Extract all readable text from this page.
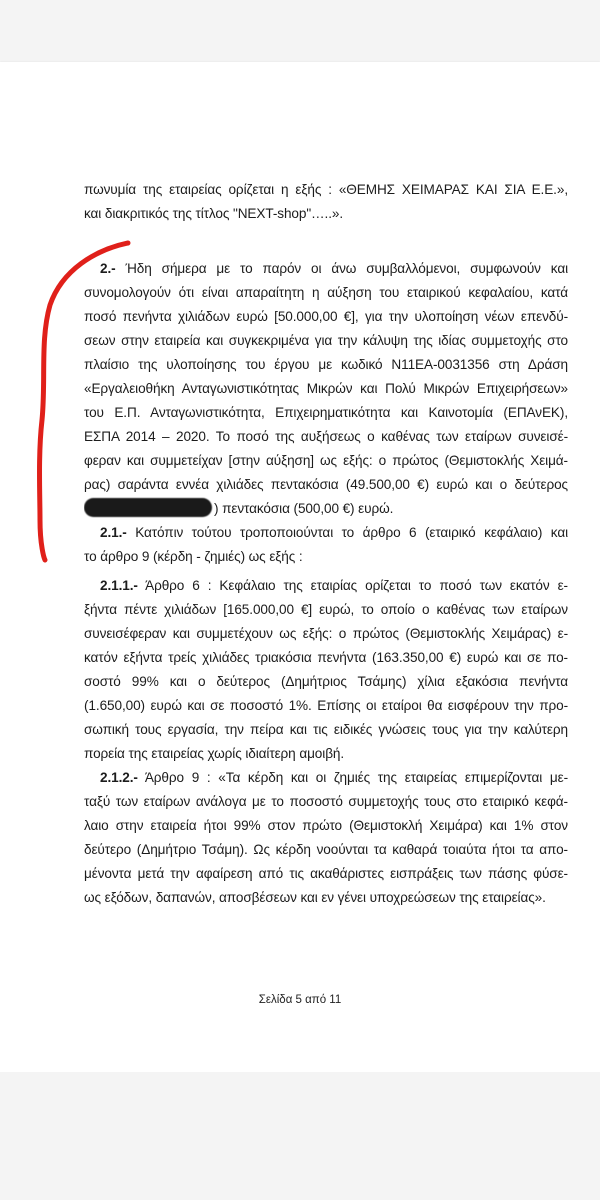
πωνυμία της εταιρείας ορίζεται η εξής : «ΘΕΜΗΣ ΧΕΙΜΑΡΑΣ ΚΑΙ ΣΙΑ Ε.Ε.»,

και διακριτικός της τίτλος "NEXT-shop"…..».

2.- Ήδη σήμερα με το παρόν οι άνω συμβαλλόμενοι, συμφωνούν και

συνομολογούν ότι είναι απαραίτητη η αύξηση του εταιρικού κεφαλαίου, κατά

ποσό πενήντα χιλιάδων ευρώ [50.000,00 €], για την υλοποίηση νέων επενδύ-

σεων στην εταιρεία και συγκεκριμένα για την κάλυψη της ιδίας συμμετοχής στο

πλαίσιο της υλοποίησης του έργου με κωδικό Ν11ΕΑ-0031356 στη Δράση

«Εργαλειοθήκη Ανταγωνιστικότητας Μικρών και Πολύ Μικρών Επιχειρήσεων»

του Ε.Π. Ανταγωνιστικότητα, Επιχειρηματικότητα και Καινοτομία (ΕΠΑνΕΚ),

ΕΣΠΑ 2014 – 2020. Το ποσό της αυξήσεως ο καθένας των εταίρων συνεισέ-

φεραν και συμμετείχαν [στην αύξηση] ως εξής: ο πρώτος (Θεμιστοκλής Χειμά-

ρας) σαράντα εννέα χιλιάδες πεντακόσια (49.500,00 €) ευρώ και ο δεύτερος

) πεντακόσια (500,00 €) ευρώ.

2.1.- Κατόπιν τούτου τροποποιούνται το άρθρο 6 (εταιρικό κεφάλαιο) και

το άρθρο 9 (κέρδη - ζημιές) ως εξής :

2.1.1.- Άρθρο 6 : Κεφάλαιο της εταιρίας ορίζεται το ποσό των εκατόν ε-

ξήντα πέντε χιλιάδων [165.000,00 €] ευρώ, το οποίο ο καθένας των εταίρων

συνεισέφεραν και συμμετέχουν ως εξής: ο πρώτος (Θεμιστοκλής Χειμάρας) ε-

κατόν εξήντα τρείς χιλιάδες τριακόσια πενήντα (163.350,00 €) ευρώ και σε πο-

σοστό 99% και ο δεύτερος (Δημήτριος Τσάμης) χίλια εξακόσια πενήντα

(1.650,00) ευρώ και σε ποσοστό 1%. Επίσης οι εταίροι θα εισφέρουν την προ-

σωπική τους εργασία, την πείρα και τις ειδικές γνώσεις τους για την καλύτερη

πορεία της εταιρείας χωρίς ιδιαίτερη αμοιβή.

2.1.2.- Άρθρο 9 : «Τα κέρδη και οι ζημιές της εταιρείας επιμερίζονται με-

ταξύ των εταίρων ανάλογα με το ποσοστό συμμετοχής τους στο εταιρικό κεφά-

λαιο στην εταιρεία ήτοι 99% στον πρώτο (Θεμιστοκλή Χειμάρα) και 1% στον

δεύτερο (Δημήτριο Τσάμη). Ως κέρδη νοούνται τα καθαρά τοιαύτα ήτοι τα απο-

μένοντα μετά την αφαίρεση από τις ακαθάριστες εισπράξεις των πάσης φύσε-

ως εξόδων, δαπανών, αποσβέσεων και εν γένει υποχρεώσεων της εταιρείας».

Σελίδα 5 από 11
